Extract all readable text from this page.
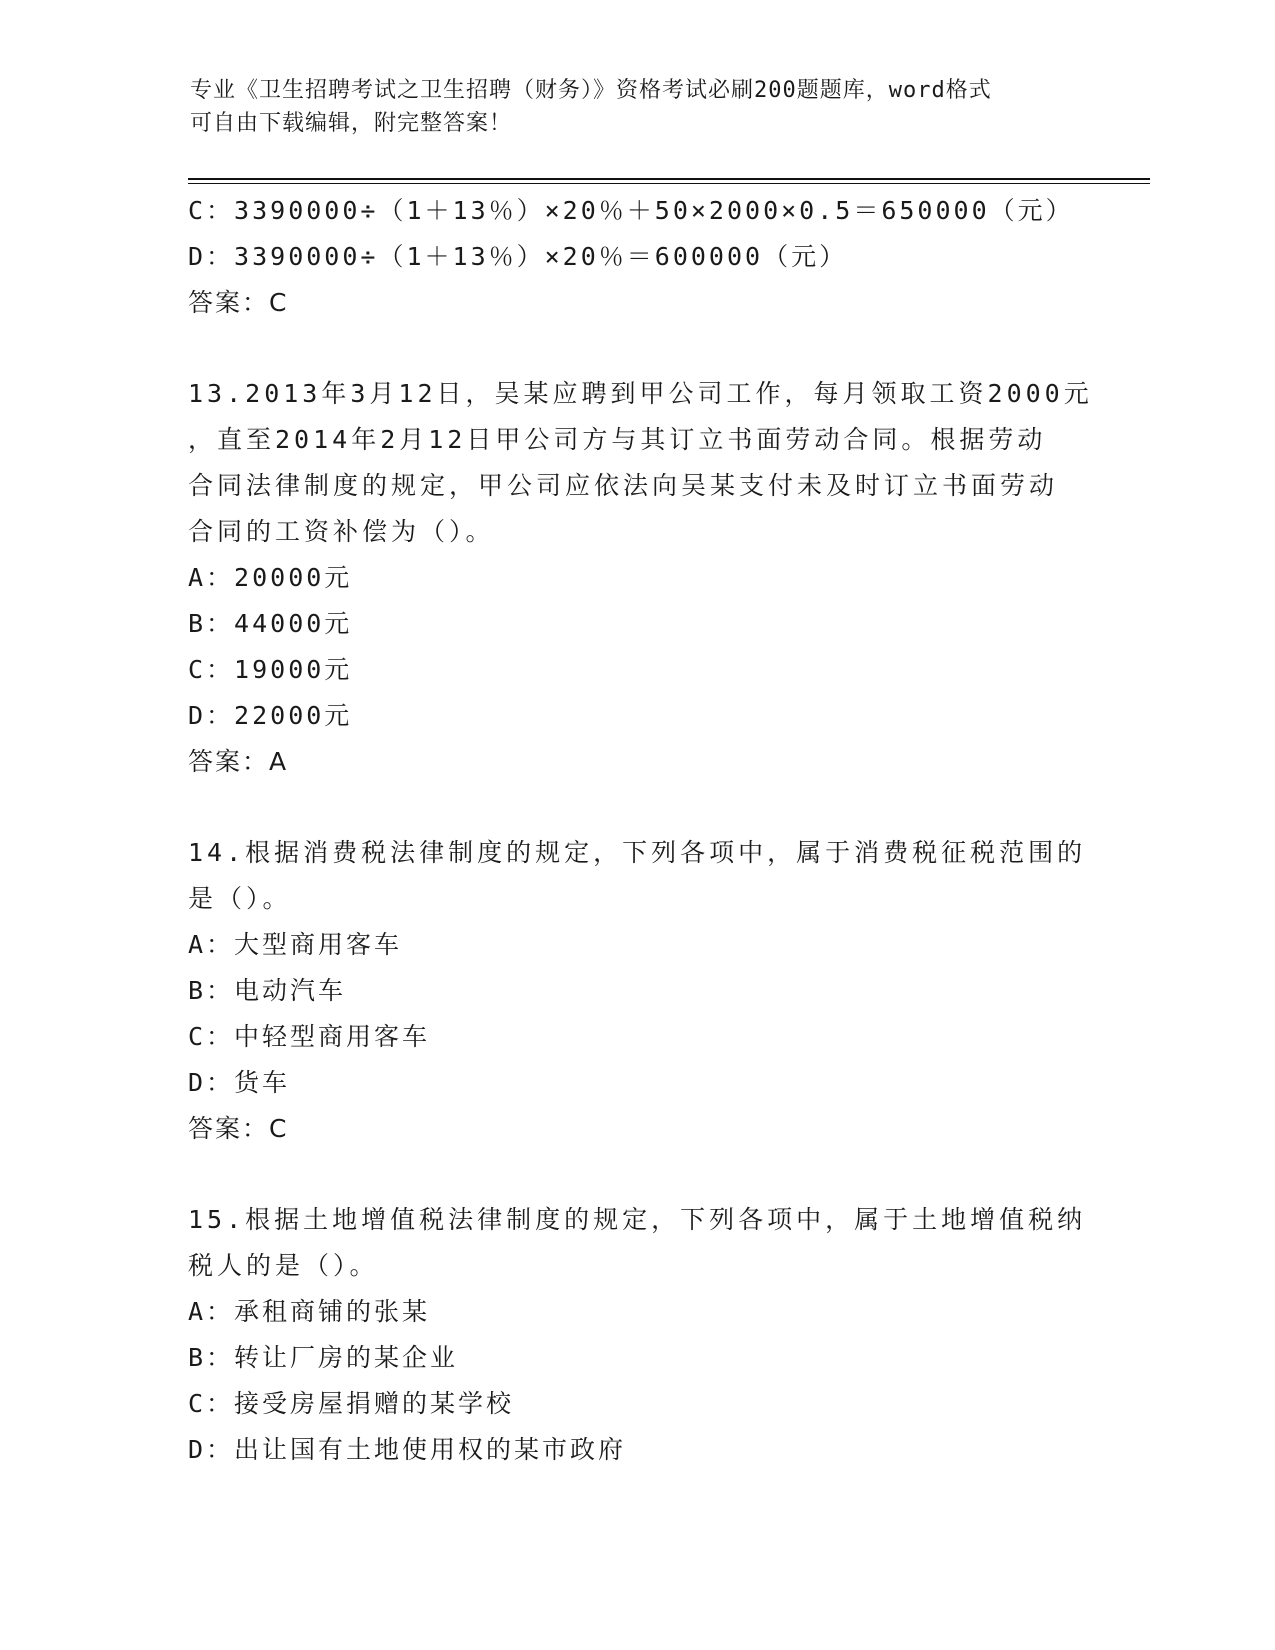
专业《卫生招聘考试之卫生招聘（财务）》资格考试必刷200题题库，word格式
可自由下载编辑，附完整答案！
C：3390000÷（1＋13％）×20％＋50×2000×0.5＝650000（元）
D：3390000÷（1＋13％）×20％＝600000（元）
答案：C
13.2013年3月12日，吴某应聘到甲公司工作，每月领取工资2000元
，直至2014年2月12日甲公司方与其订立书面劳动合同。根据劳动
合同法律制度的规定，甲公司应依法向吴某支付未及时订立书面劳动
合同的工资补偿为（）。
A：20000元
B：44000元
C：19000元
D：22000元
答案：A
14.根据消费税法律制度的规定，下列各项中，属于消费税征税范围的
是（）。
A：大型商用客车
B：电动汽车
C：中轻型商用客车
D：货车
答案：C
15.根据土地增值税法律制度的规定，下列各项中，属于土地增值税纳
税人的是（）。
A：承租商铺的张某
B：转让厂房的某企业
C：接受房屋捐赠的某学校
D：出让国有土地使用权的某市政府
